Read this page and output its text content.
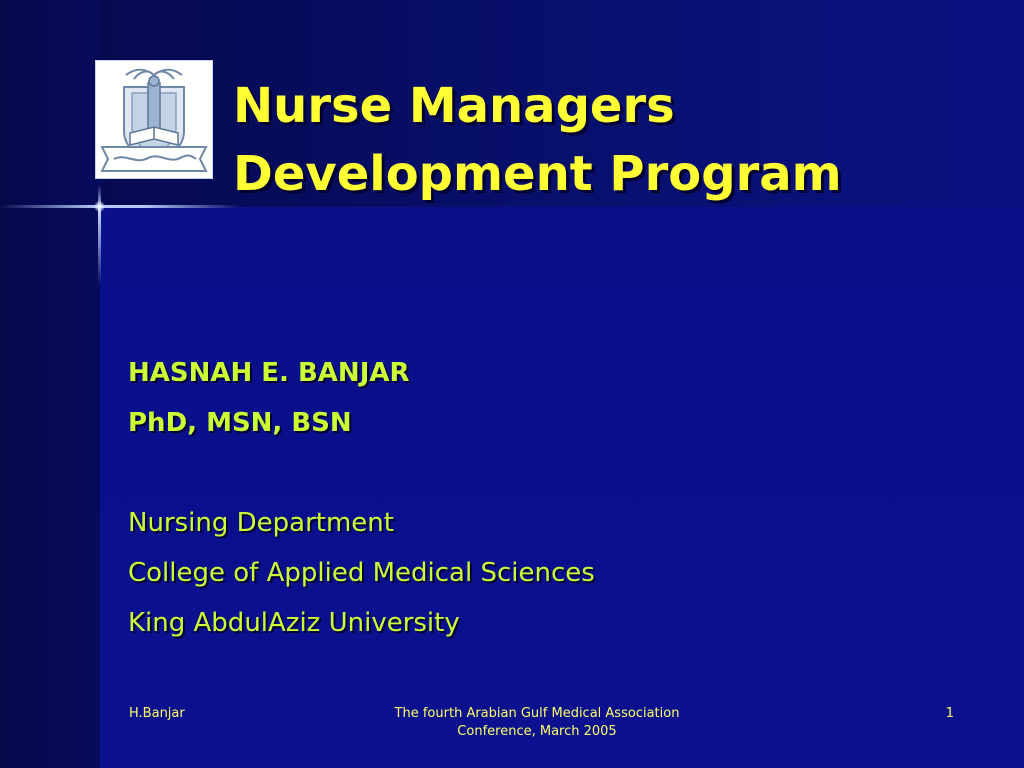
Nurse Managers
Development Program
HASNAH E. BANJAR
PhD, MSN, BSN
Nursing Department
College of Applied Medical Sciences
King AbdulAziz University
H.Banjar	The fourth Arabian Gulf Medical Association
Conference, March 2005
1
